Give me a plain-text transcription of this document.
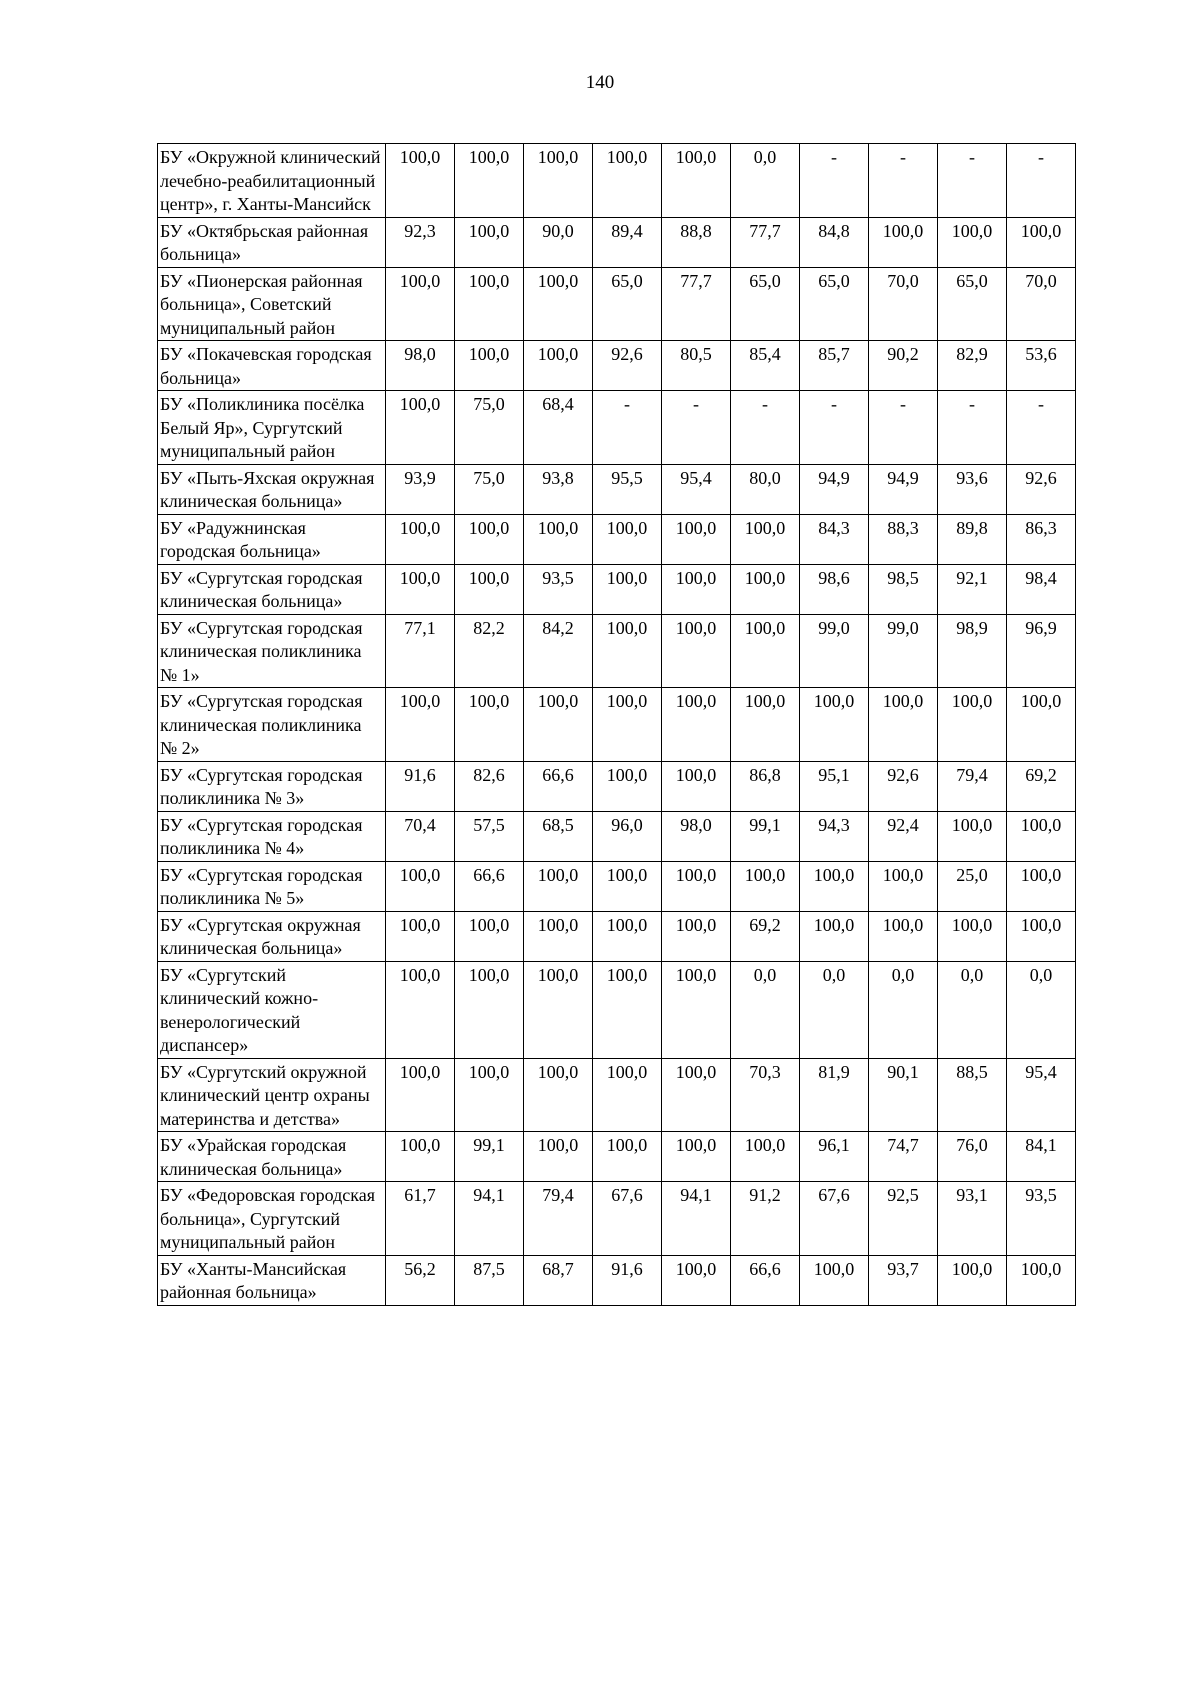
140
БУ «Окружной клинический лечебно-реабилитационный центр», г. Ханты-Мансийск	100,0	100,0	100,0	100,0	100,0	0,0	-	-	-	-
БУ «Октябрьская районная больница»	92,3	100,0	90,0	89,4	88,8	77,7	84,8	100,0	100,0	100,0
БУ «Пионерская районная больница», Советский муниципальный район	100,0	100,0	100,0	65,0	77,7	65,0	65,0	70,0	65,0	70,0
БУ «Покачевская городская больница»	98,0	100,0	100,0	92,6	80,5	85,4	85,7	90,2	82,9	53,6
БУ «Поликлиника посёлка Белый Яр», Сургутский муниципальный район	100,0	75,0	68,4	-	-	-	-	-	-	-
БУ «Пыть-Яхская окружная клиническая больница»	93,9	75,0	93,8	95,5	95,4	80,0	94,9	94,9	93,6	92,6
БУ «Радужнинская городская больница»	100,0	100,0	100,0	100,0	100,0	100,0	84,3	88,3	89,8	86,3
БУ «Сургутская городская клиническая больница»	100,0	100,0	93,5	100,0	100,0	100,0	98,6	98,5	92,1	98,4
БУ «Сургутская городская клиническая поликлиника № 1»	77,1	82,2	84,2	100,0	100,0	100,0	99,0	99,0	98,9	96,9
БУ «Сургутская городская клиническая поликлиника № 2»	100,0	100,0	100,0	100,0	100,0	100,0	100,0	100,0	100,0	100,0
БУ «Сургутская городская поликлиника № 3»	91,6	82,6	66,6	100,0	100,0	86,8	95,1	92,6	79,4	69,2
БУ «Сургутская городская поликлиника № 4»	70,4	57,5	68,5	96,0	98,0	99,1	94,3	92,4	100,0	100,0
БУ «Сургутская городская поликлиника № 5»	100,0	66,6	100,0	100,0	100,0	100,0	100,0	100,0	25,0	100,0
БУ «Сургутская окружная клиническая больница»	100,0	100,0	100,0	100,0	100,0	69,2	100,0	100,0	100,0	100,0
БУ «Сургутский клинический кожно-венерологический диспансер»	100,0	100,0	100,0	100,0	100,0	0,0	0,0	0,0	0,0	0,0
БУ «Сургутский окружной клинический центр охраны материнства и детства»	100,0	100,0	100,0	100,0	100,0	70,3	81,9	90,1	88,5	95,4
БУ «Урайская городская клиническая больница»	100,0	99,1	100,0	100,0	100,0	100,0	96,1	74,7	76,0	84,1
БУ «Федоровская городская больница», Сургутский муниципальный район	61,7	94,1	79,4	67,6	94,1	91,2	67,6	92,5	93,1	93,5
БУ «Ханты-Мансийская районная больница»	56,2	87,5	68,7	91,6	100,0	66,6	100,0	93,7	100,0	100,0
